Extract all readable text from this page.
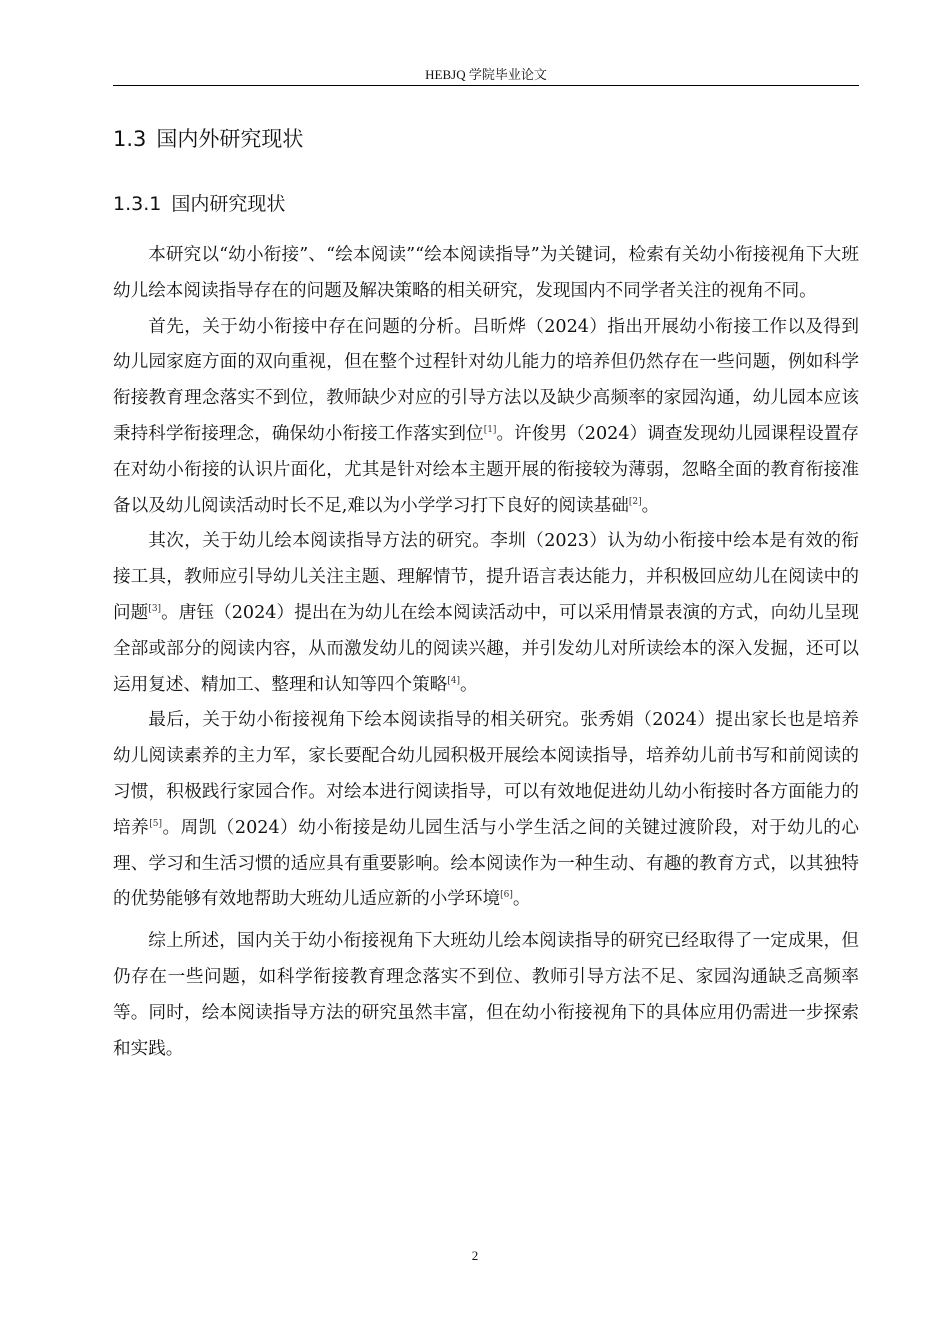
HEBJQ 学院毕业论文
1.3 国内外研究现状
1.3.1 国内研究现状

本研究以“幼小衔接”、“绘本阅读”“绘本阅读指导”为关键词，检索有关幼小衔接视角下大班幼儿绘本阅读指导存在的问题及解决策略的相关研究，发现国内不同学者关注的视角不同。

首先，关于幼小衔接中存在问题的分析。吕昕烨（2024）指出开展幼小衔接工作以及得到幼儿园家庭方面的双向重视，但在整个过程针对幼儿能力的培养但仍然存在一些问题，例如科学衔接教育理念落实不到位，教师缺少对应的引导方法以及缺少高频率的家园沟通，幼儿园本应该秉持科学衔接理念，确保幼小衔接工作落实到位[1]。许俊男（2024）调查发现幼儿园课程设置存在对幼小衔接的认识片面化，尤其是针对绘本主题开展的衔接较为薄弱，忽略全面的教育衔接准备以及幼儿阅读活动时长不足,难以为小学学习打下良好的阅读基础[2]。

其次，关于幼儿绘本阅读指导方法的研究。李圳（2023）认为幼小衔接中绘本是有效的衔接工具，教师应引导幼儿关注主题、理解情节，提升语言表达能力，并积极回应幼儿在阅读中的问题[3]。唐钰（2024）提出在为幼儿在绘本阅读活动中，可以采用情景表演的方式，向幼儿呈现全部或部分的阅读内容，从而激发幼儿的阅读兴趣，并引发幼儿对所读绘本的深入发掘，还可以运用复述、精加工、整理和认知等四个策略[4]。

最后，关于幼小衔接视角下绘本阅读指导的相关研究。张秀娟（2024）提出家长也是培养幼儿阅读素养的主力军，家长要配合幼儿园积极开展绘本阅读指导，培养幼儿前书写和前阅读的习惯，积极践行家园合作。对绘本进行阅读指导，可以有效地促进幼儿幼小衔接时各方面能力的培养[5]。周凯（2024）幼小衔接是幼儿园生活与小学生活之间的关键过渡阶段，对于幼儿的心理、学习和生活习惯的适应具有重要影响。绘本阅读作为一种生动、有趣的教育方式，以其独特的优势能够有效地帮助大班幼儿适应新的小学环境[6]。

综上所述，国内关于幼小衔接视角下大班幼儿绘本阅读指导的研究已经取得了一定成果，但仍存在一些问题，如科学衔接教育理念落实不到位、教师引导方法不足、家园沟通缺乏高频率等。同时，绘本阅读指导方法的研究虽然丰富，但在幼小衔接视角下的具体应用仍需进一步探索和实践。

2
